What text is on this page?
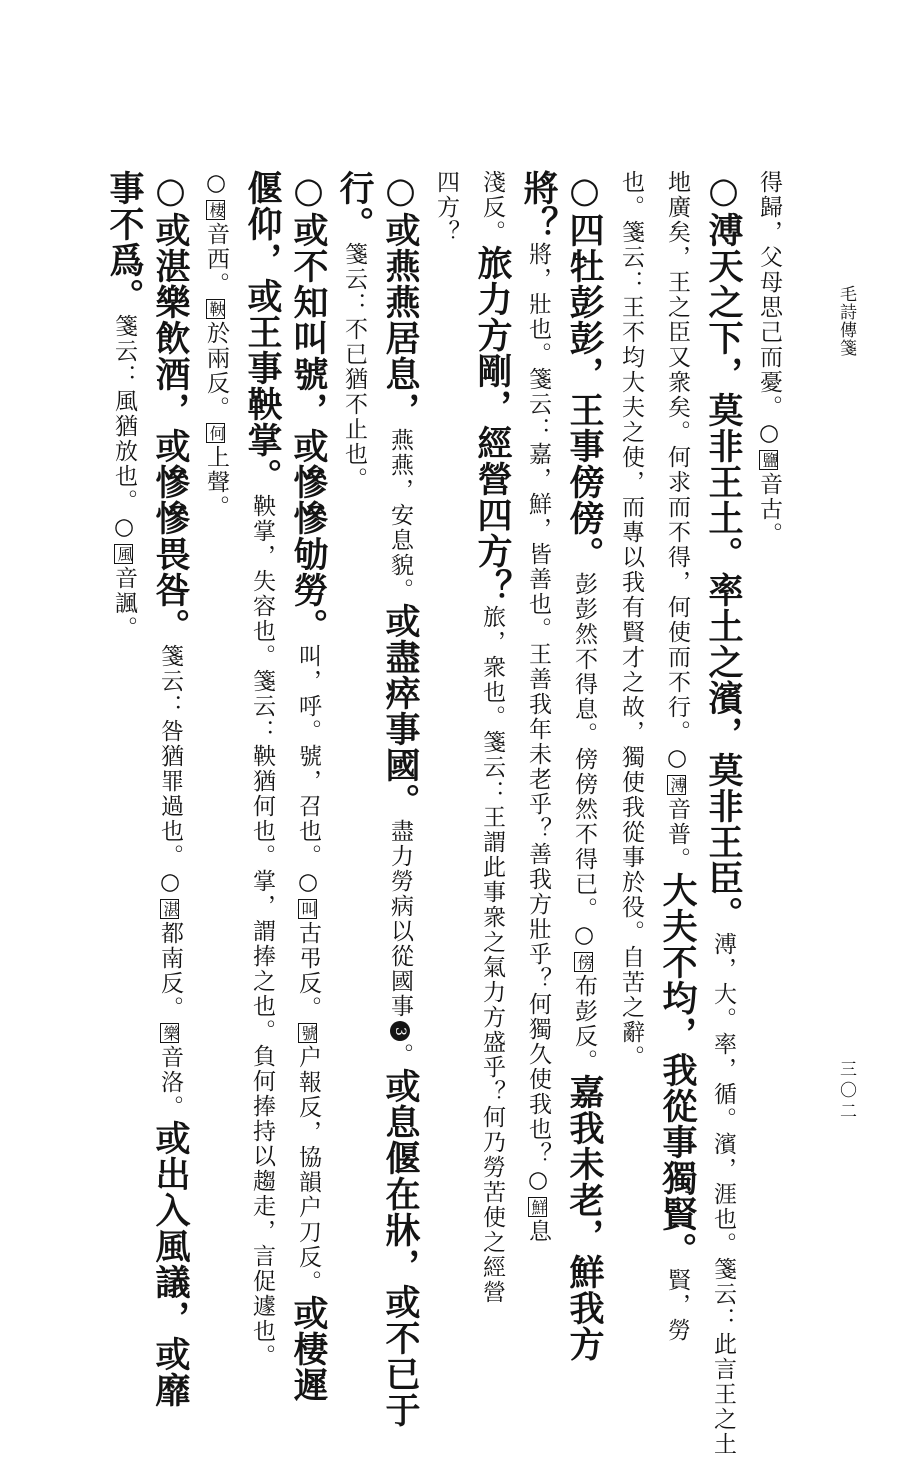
毛詩傳箋
三〇二
得歸，父母思己而憂。○鹽音古。
○溥天之下，莫非王土。率土之濱，莫非王臣。溥，大。率，循。濱，涯也。箋云：此言王之土
地廣矣，王之臣又衆矣。何求而不得，何使而不行。○溥音普。大夫不均，我從事獨賢。賢，勞
也。箋云：王不均大夫之使，而專以我有賢才之故，獨使我從事於役。自苦之辭。
○四牡彭彭，王事傍傍。彭彭然不得息。傍傍然不得已。○傍布彭反。嘉我未老，鮮我方
將？將，壯也。箋云：嘉，鮮，皆善也。王善我年未老乎？善我方壯乎？何獨久使我也？○鮮息
淺反。旅力方剛，經營四方？旅，衆也。箋云：王謂此事衆之氣力方盛乎？何乃勞苦使之經營
四方？
○或燕燕居息，燕燕，安息貌。或盡瘁事國。盡力勞病以從國事3。或息偃在牀，或不已于
行。箋云：不已猶不止也。
○或不知叫號，或慘慘劬勞。叫，呼。號，召也。○叫古弔反。號户報反，協韻户刀反。或棲遲
偃仰，或王事鞅掌。鞅掌，失容也。箋云：鞅猶何也。掌，謂捧之也。負何捧持以趨走，言促遽也。
○棲音西。鞅於兩反。何上聲。
○或湛樂飲酒，或慘慘畏咎。箋云：咎猶罪過也。○湛都南反。樂音洛。或出入風議，或靡
事不爲。箋云：風猶放也。○風音諷。
